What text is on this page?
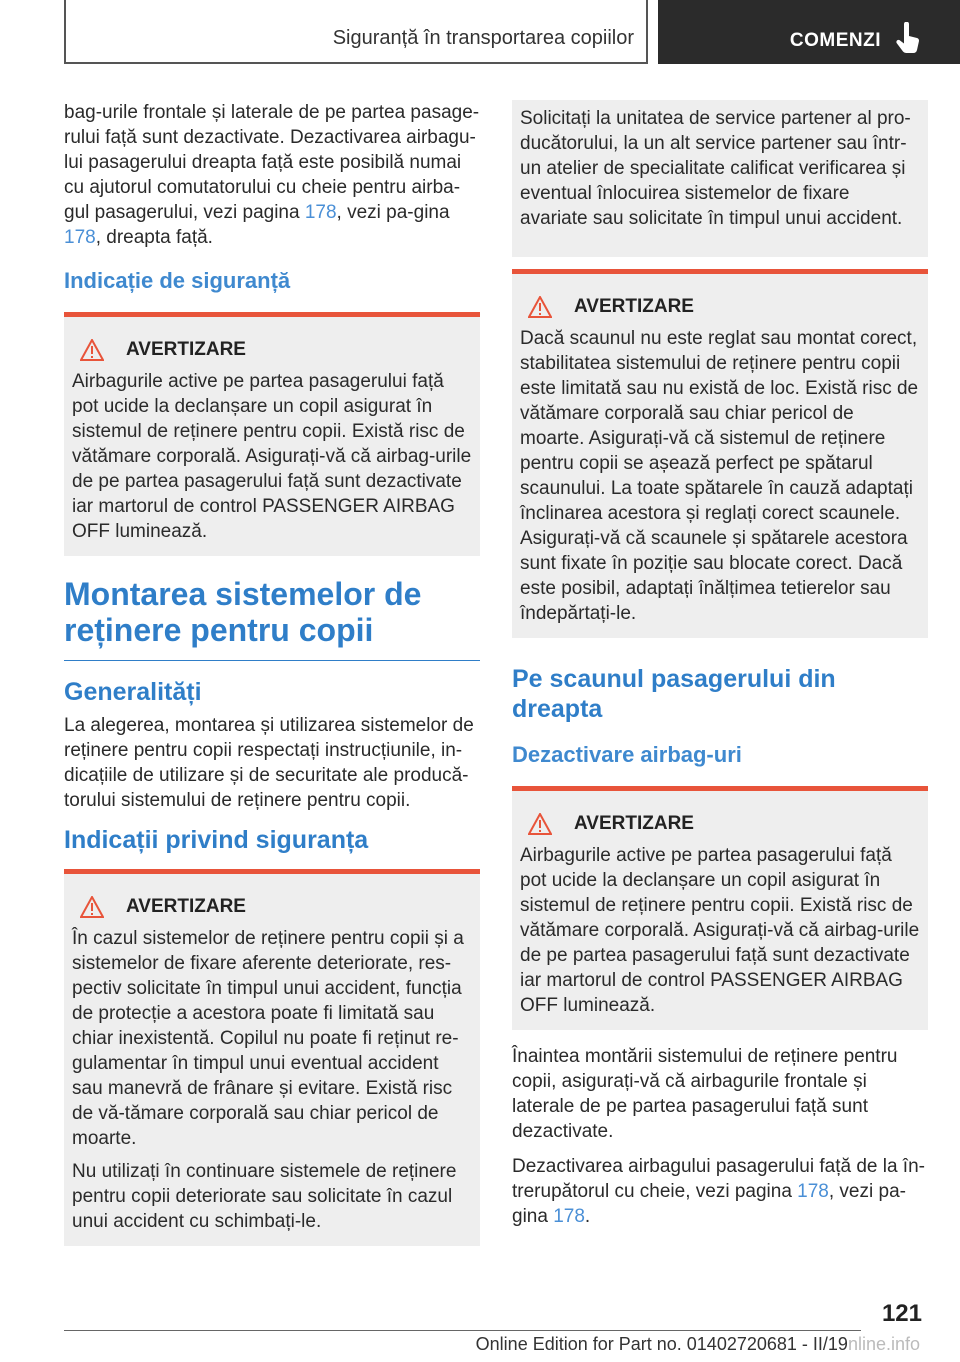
Siguranță în transportarea copiilor	COMENZI

bag-urile frontale și laterale de pe partea pasage-rului față sunt dezactivate. Dezactivarea airbagu-lui pasagerului dreapta față este posibilă numai cu ajutorul comutatorului cu cheie pentru airba-gul pasagerului, vezi pagina 178, vezi pa-gina 178, dreapta față.

Indicație de siguranță
AVERTIZARE

Airbagurile active pe partea pasagerului față pot ucide la declanșare un copil asigurat în sistemul de reținere pentru copii. Există risc de vătămare corporală. Asigurați-vă că airbag-urile de pe partea pasagerului față sunt dezactivate iar martorul de control PASSENGER AIRBAG OFF luminează.

Montarea sistemelor de reținere pentru copii
Generalități

La alegerea, montarea și utilizarea sistemelor de reținere pentru copii respectați instrucțiunile, in-dicațiile de utilizare și de securitate ale producă-torului sistemului de reținere pentru copii.

Indicații privind siguranța
AVERTIZARE

În cazul sistemelor de reținere pentru copii și a sistemelor de fixare aferente deteriorate, res-pectiv solicitate în timpul unui accident, funcția de protecție a acestora poate fi limitată sau chiar inexistentă. Copilul nu poate fi reținut re-gulamentar în timpul unui eventual accident sau manevră de frânare și evitare. Există risc de vă-tămare corporală sau chiar pericol de moarte.

Nu utilizați în continuare sistemele de reținere pentru copii deteriorate sau solicitate în cazul unui accident cu schimbați-le.

Solicitați la unitatea de service partener al pro-ducătorului, la un alt service partener sau într-un atelier de specialitate calificat verificarea și eventual înlocuirea sistemelor de fixare avariate sau solicitate în timpul unui accident.

AVERTIZARE

Dacă scaunul nu este reglat sau montat corect, stabilitatea sistemului de reținere pentru copii este limitată sau nu există de loc. Există risc de vătămare corporală sau chiar pericol de moarte. Asigurați-vă că sistemul de reținere pentru copii se așează perfect pe spătarul scaunului. La toate spătarele în cauză adaptați înclinarea acestora și reglați corect scaunele. Asigurați-vă că scaunele și spătarele acestora sunt fixate în poziție sau blocate corect. Dacă este posibil, adaptați înălțimea tetierelor sau îndepărtați-le.

Pe scaunul pasagerului din dreapta
Dezactivare airbag-uri
AVERTIZARE

Airbagurile active pe partea pasagerului față pot ucide la declanșare un copil asigurat în sistemul de reținere pentru copii. Există risc de vătămare corporală. Asigurați-vă că airbag-urile de pe partea pasagerului față sunt dezactivate iar martorul de control PASSENGER AIRBAG OFF luminează.

Înaintea montării sistemului de reținere pentru copii, asigurați-vă că airbagurile frontale și laterale de pe partea pasagerului față sunt dezactivate.

Dezactivarea airbagului pasagerului față de la în-trerupătorul cu cheie, vezi pagina 178, vezi pa-gina 178.

121
Online Edition for Part no. 01402720681 - II/19nline.info
